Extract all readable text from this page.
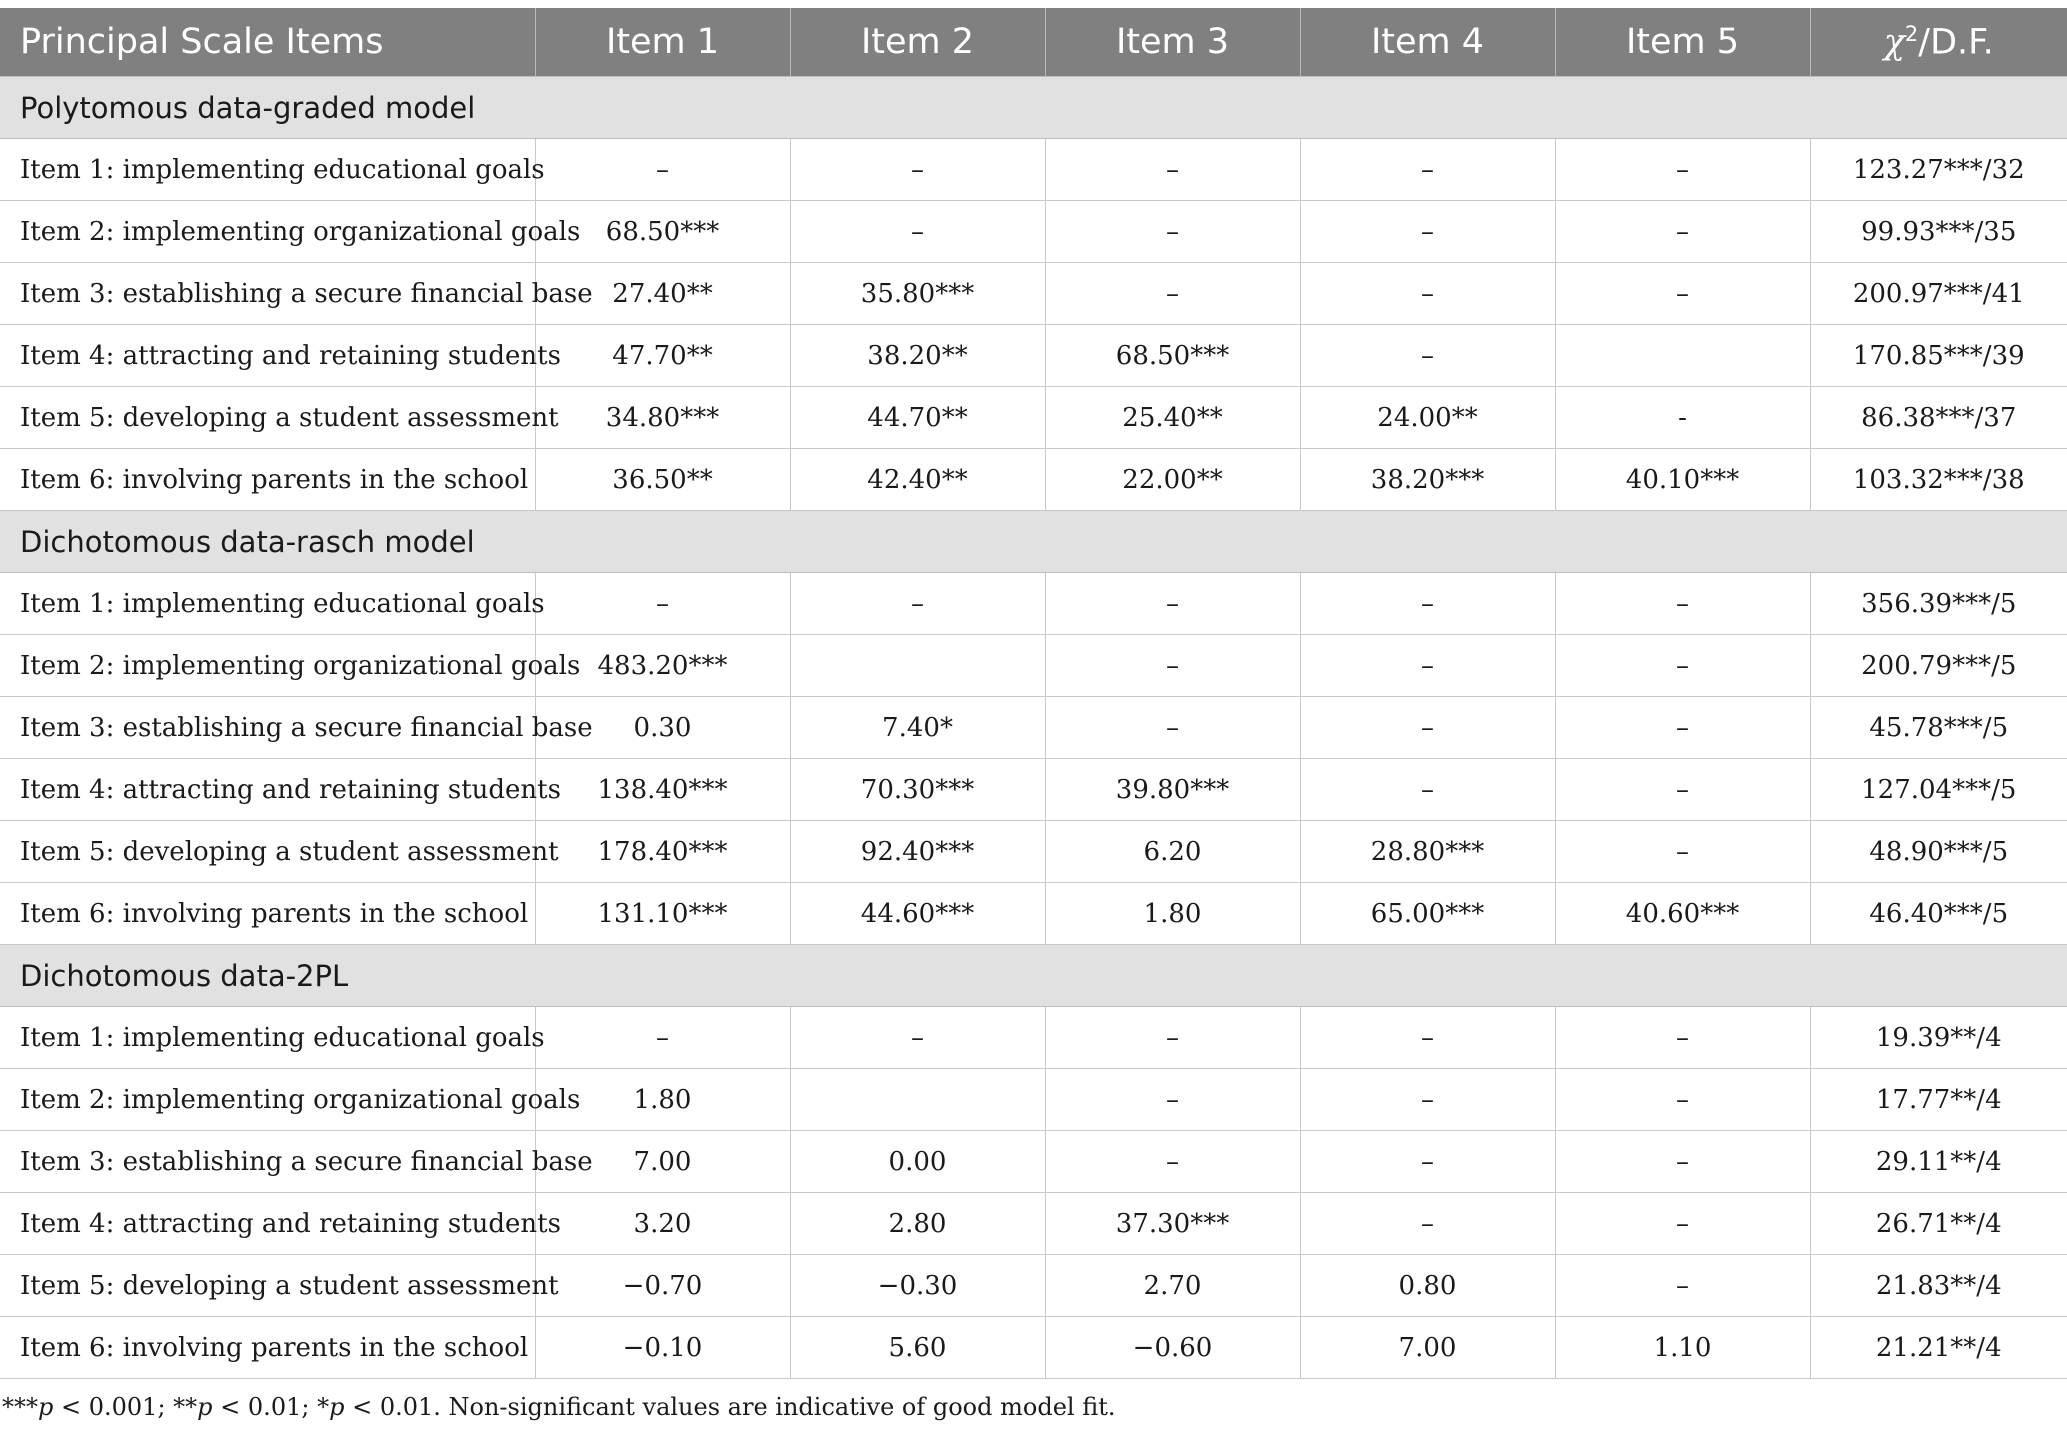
Principal Scale Items	Item 1	Item 2	Item 3	Item 4	Item 5	$\chi^2/D.F$.
Polytomous data-graded model						
Item 1: implementing educational goals	–	–	–	–	–	123.27***/32
Item 2: implementing organizational goals	68.50***	–	–	–	–	99.93***/35
Item 3: establishing a secure financial base	27.40**	35.80***	–	–	–	200.97***/41
Item 4: attracting and retaining students	47.70**	38.20**	68.50***	–		170.85***/39
Item 5: developing a student assessment	34.80***	44.70**	25.40**	24.00**	-	86.38***/37
Item 6: involving parents in the school	36.50**	42.40**	22.00**	38.20***	40.10***	103.32***/38
Dichotomous data-rasch model						
Item 1: implementing educational goals	–	–	–	–	–	356.39***/5
Item 2: implementing organizational goals	483.20***		–	–	–	200.79***/5
Item 3: establishing a secure financial base	0.30	7.40*	–	–	–	45.78***/5
Item 4: attracting and retaining students	138.40***	70.30***	39.80***	–	–	127.04***/5
Item 5: developing a student assessment	178.40***	92.40***	6.20	28.80***	–	48.90***/5
Item 6: involving parents in the school	131.10***	44.60***	1.80	65.00***	40.60***	46.40***/5
Dichotomous data-2PL						
Item 1: implementing educational goals	–	–	–	–	–	19.39**/4
Item 2: implementing organizational goals	1.80		–	–	–	17.77**/4
Item 3: establishing a secure financial base	7.00	0.00	–	–	–	29.11**/4
Item 4: attracting and retaining students	3.20	2.80	37.30***	–	–	26.71**/4
Item 5: developing a student assessment	−0.70	−0.30	2.70	0.80	–	21.83**/4
Item 6: involving parents in the school	−0.10	5.60	−0.60	7.00	1.10	21.21**/4
***p < 0.001; **p < 0.01; *p < 0.01. Non-significant values are indicative of good model fit.
